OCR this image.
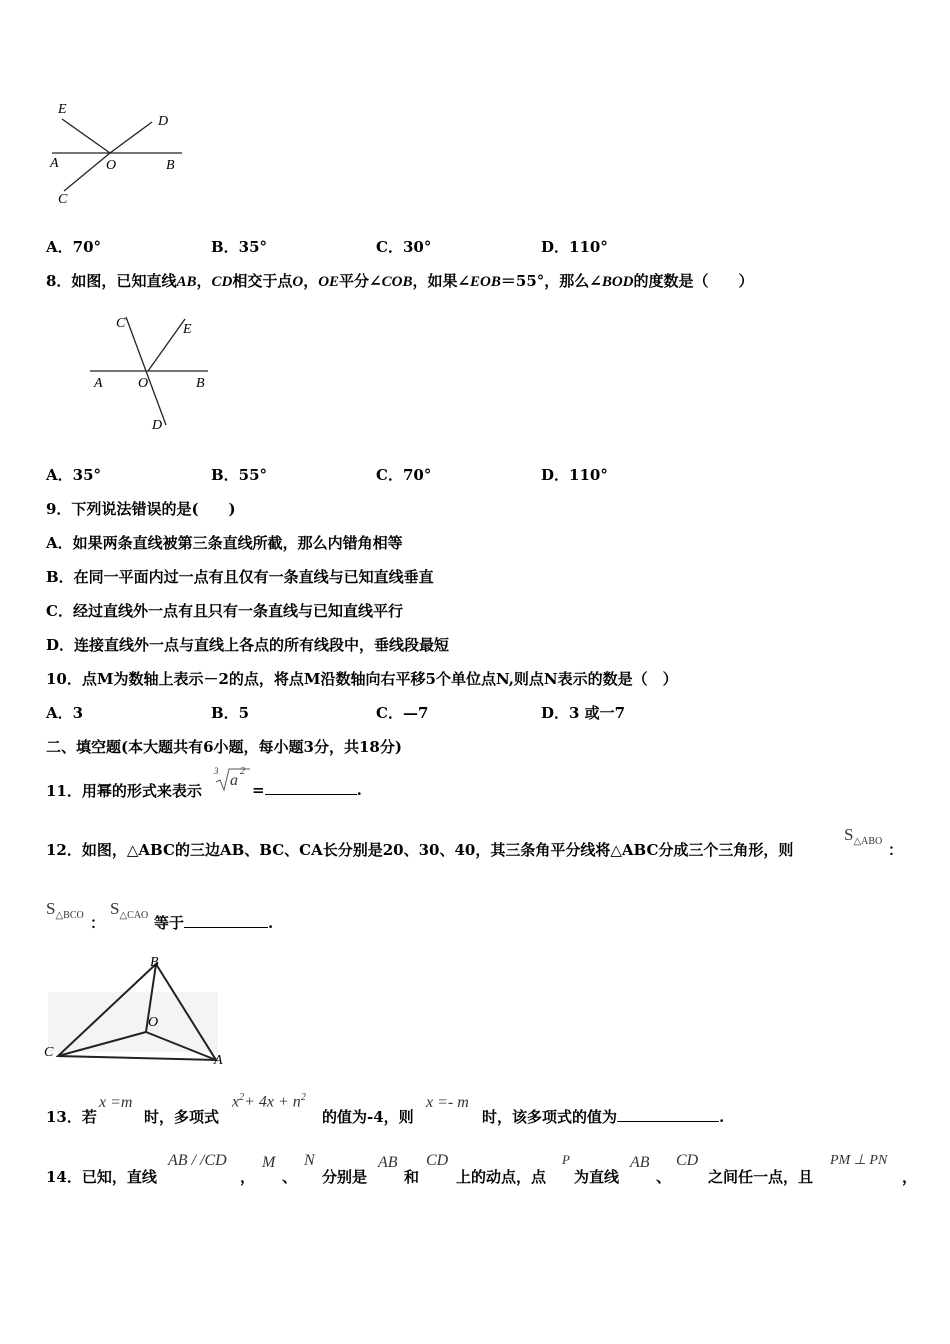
E
D
A	O	B
C
A．70°	B．35°	C．30°	D．110°
8．如图，已知直线AB，CD相交于点O，OE平分∠COB，如果∠EOB＝55°，那么∠BOD的度数是（　　）
C	E
A	O	B
D
A．35°	B．55°	C．70°	D．110°
9．下列说法错误的是(　　)
A．如果两条直线被第三条直线所截，那么内错角相等
B．在同一平面内过一点有且仅有一条直线与已知直线垂直
C．经过直线外一点有且只有一条直线与已知直线平行
D．连接直线外一点与直线上各点的所有线段中，垂线段最短
10．点M为数轴上表示－2的点，将点M沿数轴向右平移5个单位点N,则点N表示的数是（　）
A．3	B．5	C．—7	D．3 或一7
二、填空题(本大题共有6小题，每小题3分，共18分)
11．用幂的形式来表示
3
a
2
=	.
12．如图，△ABC的三边AB、BC、CA长分别是20、30、40，其三条角平分线将△ABC分成三个三角形，则
$S_{\triangle ABO}$ ：
$S_{\triangle BCO}$ ：
$S_{\triangle CAO}$ 等于	.
B
O
C
A
13．若
x =m
时，多项式
$x^2+ 4x + n^2$
的值为-4，则
x =- m
时，该多项式的值为	.
14．已知，直线
AB / /CD
，
M
、
N
分别是
AB
和
CD
上的动点，点
P
为直线
AB
、
CD
之间任一点，且
PM ⊥ PN
，
